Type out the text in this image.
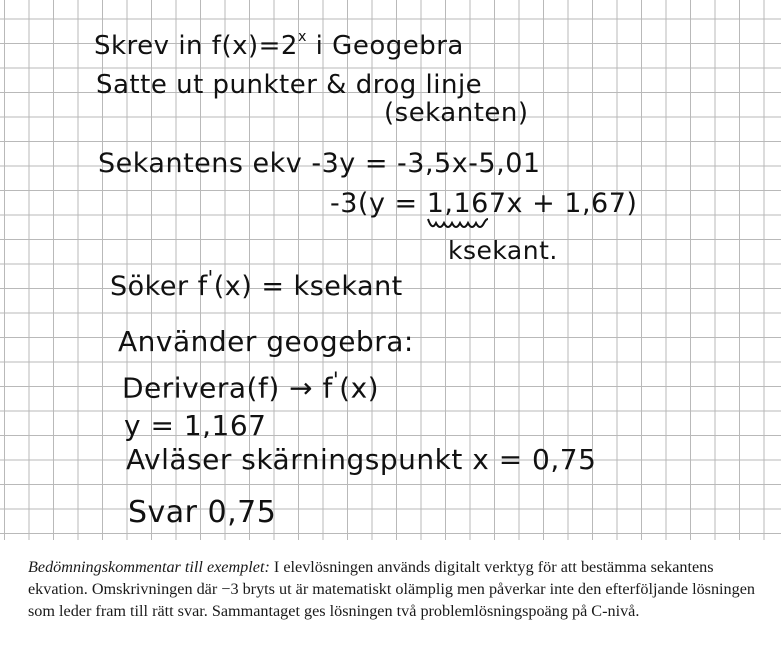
Skrev in $f(x)=2^x$ i Geogebra
Satte ut punkter & drog linje
(sekanten)
Sekantens ekv -3y = -3,5x-5,01
-3(y = 1,167x + 1,67)
ksekant.
Söker f'(x) = ksekant
Använder geogebra:
Derivera(f) → f'(x)
y = 1,167
Avläser skärningspunkt x = 0,75
Svar 0,75
Bedömningskommentar till exemplet: I elevlösningen används digitalt verktyg för att bestämma sekantens ekvation. Omskrivningen där −3 bryts ut är matematiskt olämplig men påverkar inte den efterföljande lösningen som leder fram till rätt svar. Sammantaget ges lösningen två problemlösningspoäng på C-nivå.
